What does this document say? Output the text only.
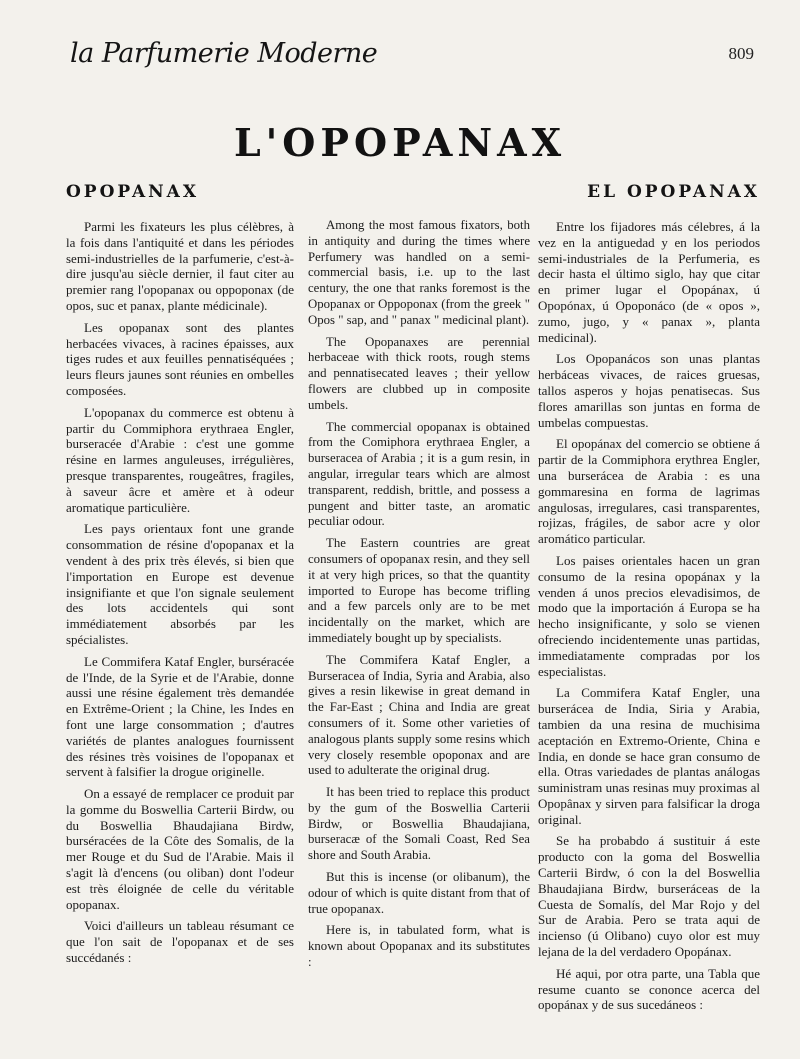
la Parfumerie Moderne	809
L'OPOPANAX
OPOPANAX

Parmi les fixateurs les plus célèbres, à la fois dans l'antiquité et dans les périodes semi-industrielles de la parfumerie, c'est-à-dire jusqu'au siècle dernier, il faut citer au premier rang l'opopanax ou oppoponax (de opos, suc et panax, plante médicinale).

Les opopanax sont des plantes herbacées vivaces, à racines épaisses, aux tiges rudes et aux feuilles pennatiséquées ; leurs fleurs jaunes sont réunies en ombelles composées.

L'opopanax du commerce est obtenu à partir du Commiphora erythraea Engler, burseracée d'Arabie : c'est une gomme résine en larmes anguleuses, irrégulières, presque transparentes, rougeâtres, fragiles, à saveur âcre et amère et à odeur aromatique particulière.

Les pays orientaux font une grande consommation de résine d'opopanax et la vendent à des prix très élevés, si bien que l'importation en Europe est devenue insignifiante et que l'on signale seulement des lots accidentels qui sont immédiatement absorbés par les spécialistes.

Le Commifera Kataf Engler, burséracée de l'Inde, de la Syrie et de l'Arabie, donne aussi une résine également très demandée en Extrême-Orient ; la Chine, les Indes en font une large consommation ; d'autres variétés de plantes analogues fournissent des résines très voisines de l'opopanax et servent à falsifier la drogue originelle.

On a essayé de remplacer ce produit par la gomme du Boswellia Carterii Birdw, ou du Boswellia Bhaudajiana Birdw, burséracées de la Côte des Somalis, de la mer Rouge et du Sud de l'Arabie. Mais il s'agit là d'encens (ou oliban) dont l'odeur est très éloignée de celle du véritable opopanax.

Voici d'ailleurs un tableau résumant ce que l'on sait de l'opopanax et de ses succédanés :

Among the most famous fixators, both in antiquity and during the times where Perfumery was handled on a semi-commercial basis, i.e. up to the last century, the one that ranks foremost is the Opopanax or Oppoponax (from the greek " Opos " sap, and " panax " medicinal plant).

The Opopanaxes are perennial herbaceae with thick roots, rough stems and pennatisecated leaves ; their yellow flowers are clubbed up in composite umbels.

The commercial opopanax is obtained from the Comiphora erythraea Engler, a burseracea of Arabia ; it is a gum resin, in angular, irregular tears which are almost transparent, reddish, brittle, and possess a pungent and bitter taste, an aromatic peculiar odour.

The Eastern countries are great consumers of opopanax resin, and they sell it at very high prices, so that the quantity imported to Europe has become trifling and a few parcels only are to be met incidentally on the market, which are immediately bought up by specialists.

The Commifera Kataf Engler, a Burseracea of India, Syria and Arabia, also gives a resin likewise in great demand in the Far-East ; China and India are great consumers of it. Some other varieties of analogous plants supply some resins which very closely resemble opoponax and are used to adulterate the original drug.

It has been tried to replace this product by the gum of the Boswellia Carterii Birdw, or Boswellia Bhaudajiana, burseracæ of the Somali Coast, Red Sea shore and South Arabia.

But this is incense (or olibanum), the odour of which is quite distant from that of true opopanax.

Here is, in tabulated form, what is known about Opopanax and its substitutes :

EL OPOPANAX

Entre los fijadores más célebres, á la vez en la antiguedad y en los periodos semi-industriales de la Perfumeria, es decir hasta el último siglo, hay que citar en primer lugar el Opopánax, ú Opopónax, ú Opoponáco (de « opos », zumo, jugo, y « panax », planta medicinal).

Los Opopanácos son unas plantas herbáceas vivaces, de raices gruesas, tallos asperos y hojas penatisecas. Sus flores amarillas son juntas en forma de umbelas compuestas.

El opopánax del comercio se obtiene á partir de la Commiphora erythrea Engler, una burserácea de Arabia : es una gommaresina en forma de lagrimas angulosas, irregulares, casi transparentes, rojizas, frágiles, de sabor acre y olor aromático particular.

Los paises orientales hacen un gran consumo de la resina opopánax y la venden á unos precios elevadisimos, de modo que la importación á Europa se ha hecho insignificante, y solo se vienen ofreciendo incidentemente unas partidas, immediatamente compradas por los especialistas.

La Commifera Kataf Engler, una burserácea de India, Siria y Arabia, tambien da una resina de muchisima aceptación en Extremo-Oriente, China e India, en donde se hace gran consumo de ella. Otras variedades de plantas análogas suministram unas resinas muy proximas al Opopânax y sirven para falsificar la droga original.

Se ha probabdo á sustituir á este producto con la goma del Boswellia Carterii Birdw, ó con la del Boswellia Bhaudajiana Birdw, burseráceas de la Cuesta de Somalís, del Mar Rojo y del Sur de Arabia. Pero se trata aqui de incienso (ú Olibano) cuyo olor est muy lejana de la del verdadero Opopánax.

Hé aqui, por otra parte, una Tabla que resume cuanto se cononce acerca del opopánax y de sus sucedáneos :
